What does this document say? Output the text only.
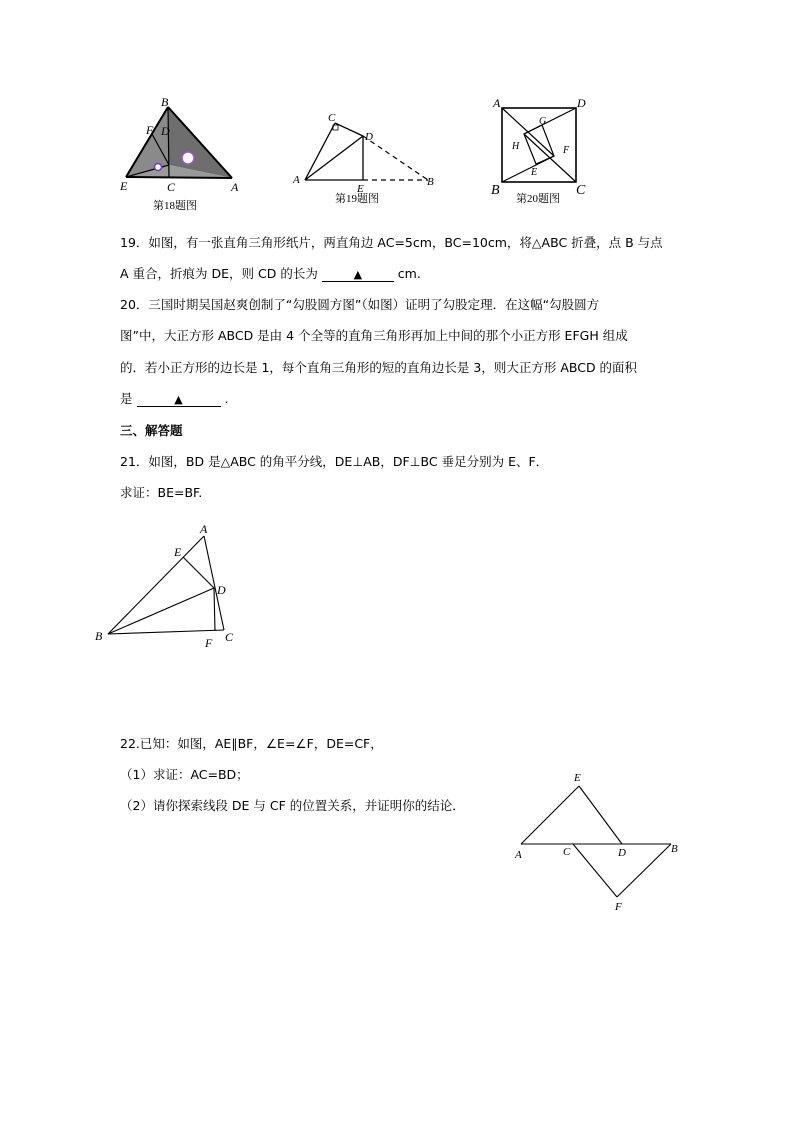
B
F D
E	C	A
第18题图
C
D
A
E
B
第19题图
A	D
G
H	F
E
B	C
第20题图
19．如图，有一张直角三角形纸片，两直角边 AC=5cm，BC=10cm，将△ABC 折叠，点 B 与点
A 重合，折痕为 DE，则 CD 的长为	▲	cm.
20．三国时期吴国赵爽创制了“勾股圆方图”（如图）证明了勾股定理．在这幅“勾股圆方
图”中，大正方形 ABCD 是由 4 个全等的直角三角形再加上中间的那个小正方形 EFGH 组成
的．若小正方形的边长是 1，每个直角三角形的短的直角边长是 3，则大正方形 ABCD 的面积
是	▲	.
三、解答题
21．如图，BD 是△ABC 的角平分线，DE⊥AB，DF⊥BC 垂足分别为 E、F．
求证：BE=BF.
A
E
D
B	F C
22.已知：如图，AE∥BF，∠E=∠F，DE=CF，
（1）求证：AC=BD；
（2）请你探索线段 DE 与 CF 的位置关系，并证明你的结论．
E
A	C	D	B
F
